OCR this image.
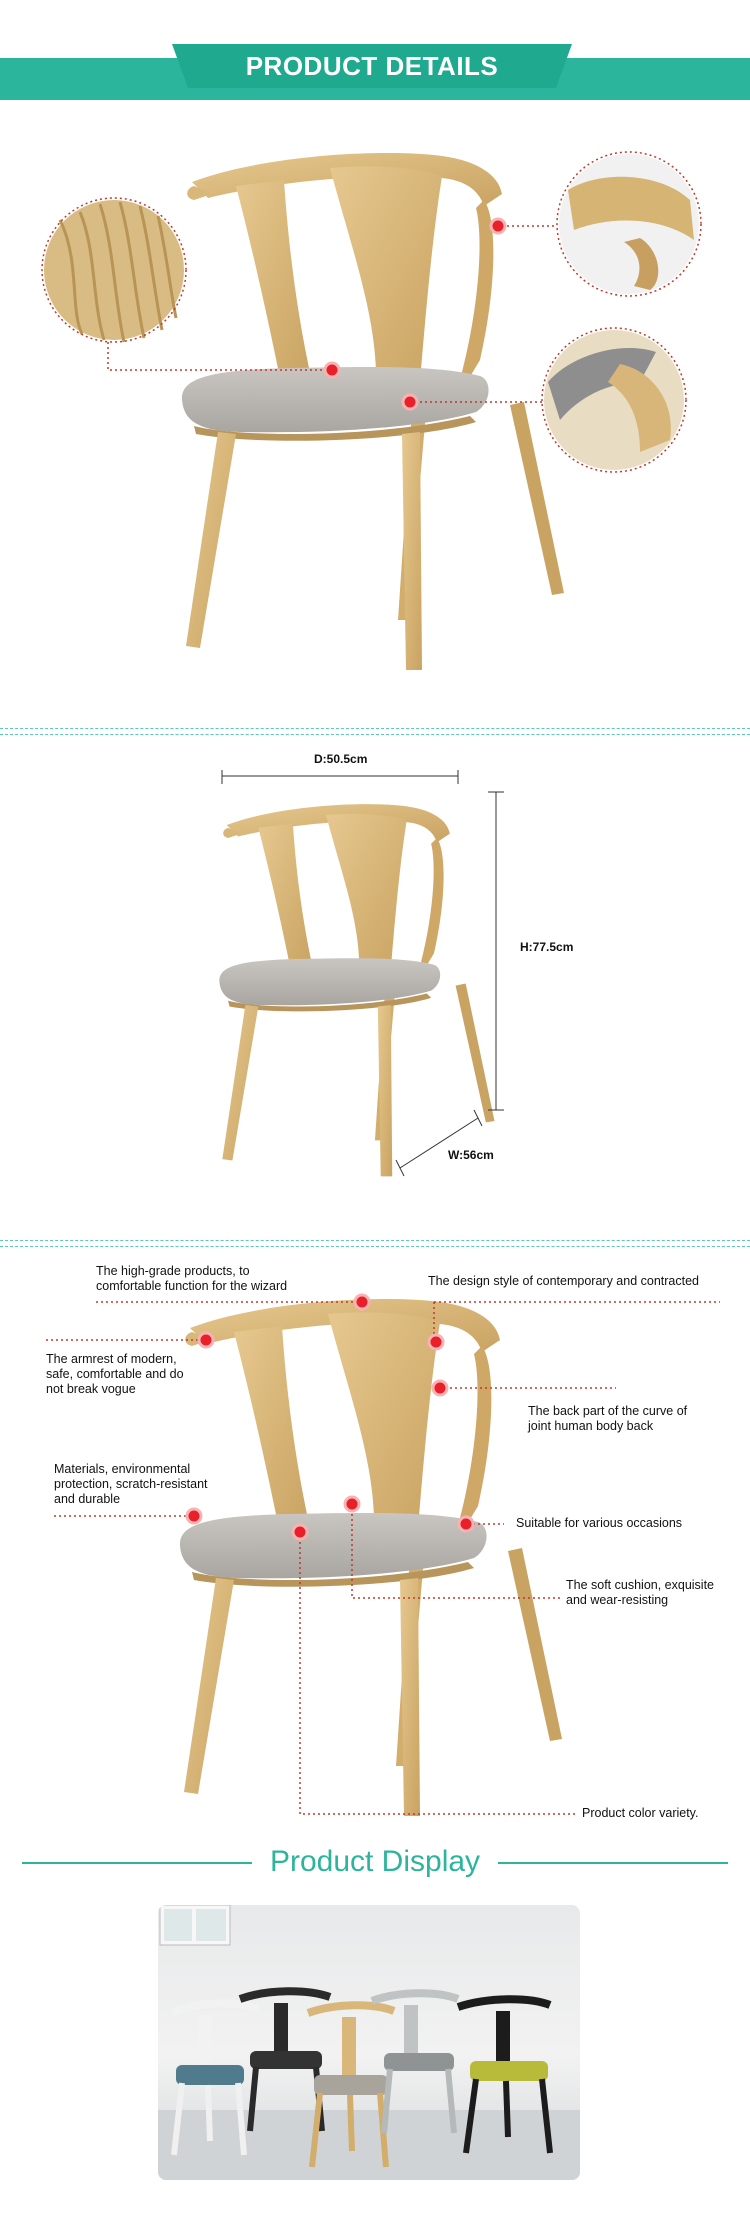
PRODUCT DETAILS
D:50.5cm
H:77.5cm
W:56cm
The high-grade products, to comfortable function for the wizard	The design style of contemporary and contracted
The armrest of modern, safe, comfortable and do not break vogue
The back part of the curve of joint human body back
Materials, environmental protection, scratch-resistant and durable
Suitable for various occasions
The soft cushion, exquisite and wear-resisting
Product color variety.
Product Display
